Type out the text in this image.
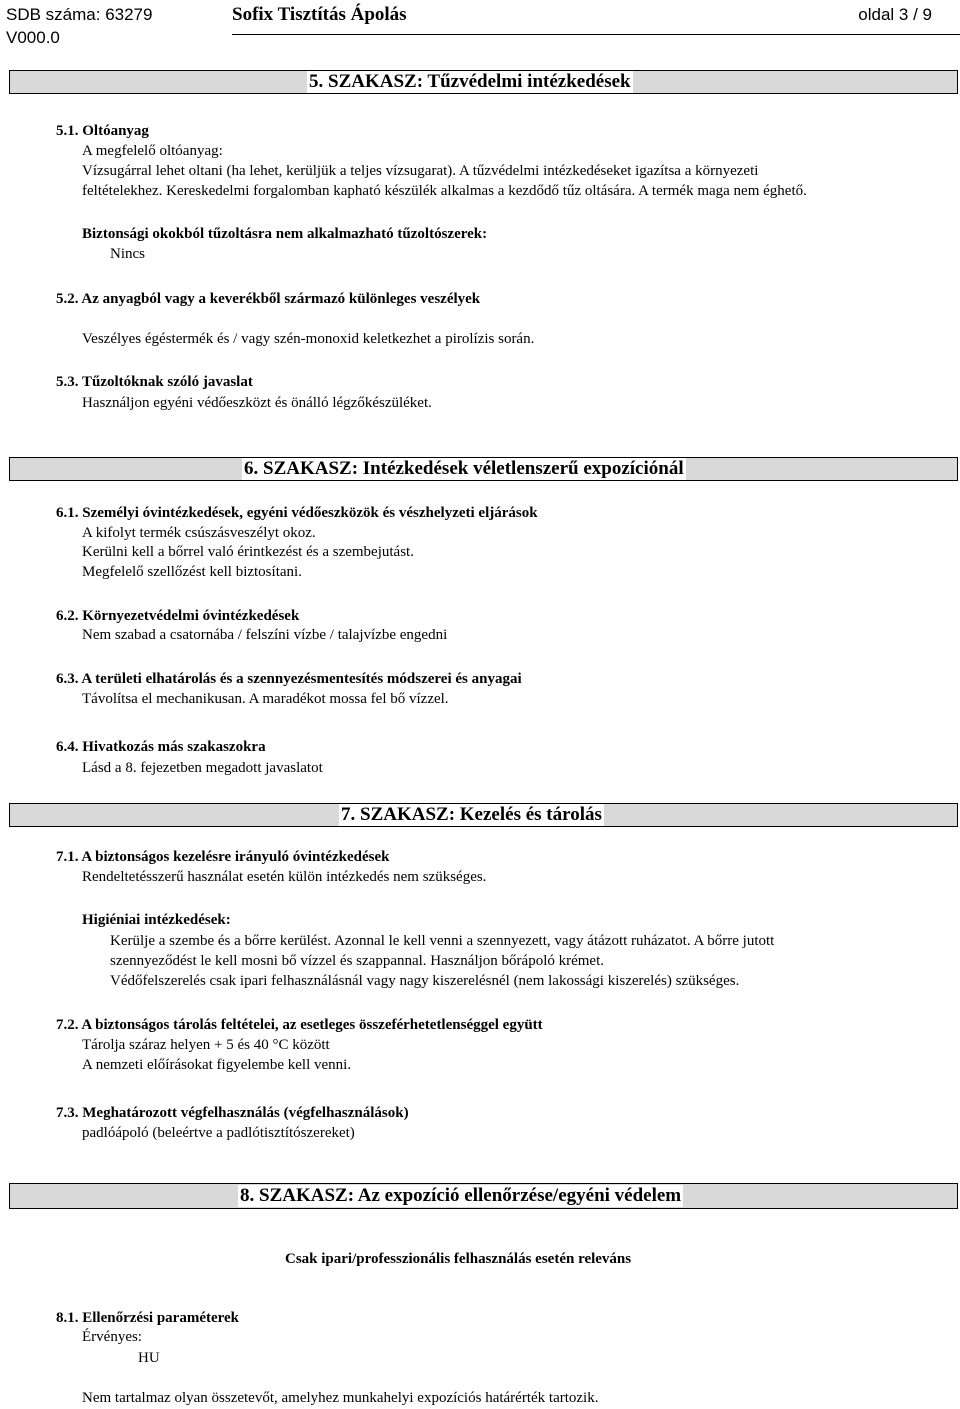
SDB száma: 63279
V000.0
Sofix Tisztítás Ápolás	oldal 3 / 9
5. SZAKASZ: Tűzvédelmi intézkedések
5.1. Oltóanyag
A megfelelő oltóanyag:
Vízsugárral lehet oltani (ha lehet, kerüljük a teljes vízsugarat). A tűzvédelmi intézkedéseket igazítsa a környezeti
feltételekhez. Kereskedelmi forgalomban kapható készülék alkalmas a kezdődő tűz oltására. A termék maga nem éghető.
Biztonsági okokból tűzoltásra nem alkalmazható tűzoltószerek:
Nincs
5.2. Az anyagból vagy a keverékből származó különleges veszélyek
Veszélyes égéstermék és / vagy szén-monoxid keletkezhet a pirolízis során.
5.3. Tűzoltóknak szóló javaslat
Használjon egyéni védőeszközt és önálló légzőkészüléket.
6. SZAKASZ: Intézkedések véletlenszerű expozíciónál
6.1. Személyi óvintézkedések, egyéni védőeszközök és vészhelyzeti eljárások
A kifolyt termék csúszásveszélyt okoz.
Kerülni kell a bőrrel való érintkezést és a szembejutást.
Megfelelő szellőzést kell biztosítani.
6.2. Környezetvédelmi óvintézkedések
Nem szabad a csatornába / felszíni vízbe / talajvízbe engedni
6.3. A területi elhatárolás és a szennyezésmentesítés módszerei és anyagai
Távolítsa el mechanikusan. A maradékot mossa fel bő vízzel.
6.4. Hivatkozás más szakaszokra
Lásd a 8. fejezetben megadott javaslatot
7. SZAKASZ: Kezelés és tárolás
7.1. A biztonságos kezelésre irányuló óvintézkedések
Rendeltetésszerű használat esetén külön intézkedés nem szükséges.
Higiéniai intézkedések:
Kerülje a szembe és a bőrre kerülést. Azonnal le kell venni a szennyezett, vagy átázott ruházatot. A bőrre jutott
szennyeződést le kell mosni bő vízzel és szappannal. Használjon bőrápoló krémet.
Védőfelszerelés csak ipari felhasználásnál vagy nagy kiszerelésnél (nem lakossági kiszerelés) szükséges.
7.2. A biztonságos tárolás feltételei, az esetleges összeférhetetlenséggel együtt
Tárolja száraz helyen + 5 és 40 °C között
A nemzeti előírásokat figyelembe kell venni.
7.3. Meghatározott végfelhasználás (végfelhasználások)
padlóápoló (beleértve a padlótisztítószereket)
8. SZAKASZ: Az expozíció ellenőrzése/egyéni védelem
Csak ipari/professzionális felhasználás esetén releváns
8.1. Ellenőrzési paraméterek
Érvényes:
HU
Nem tartalmaz olyan összetevőt, amelyhez munkahelyi expozíciós határérték tartozik.
